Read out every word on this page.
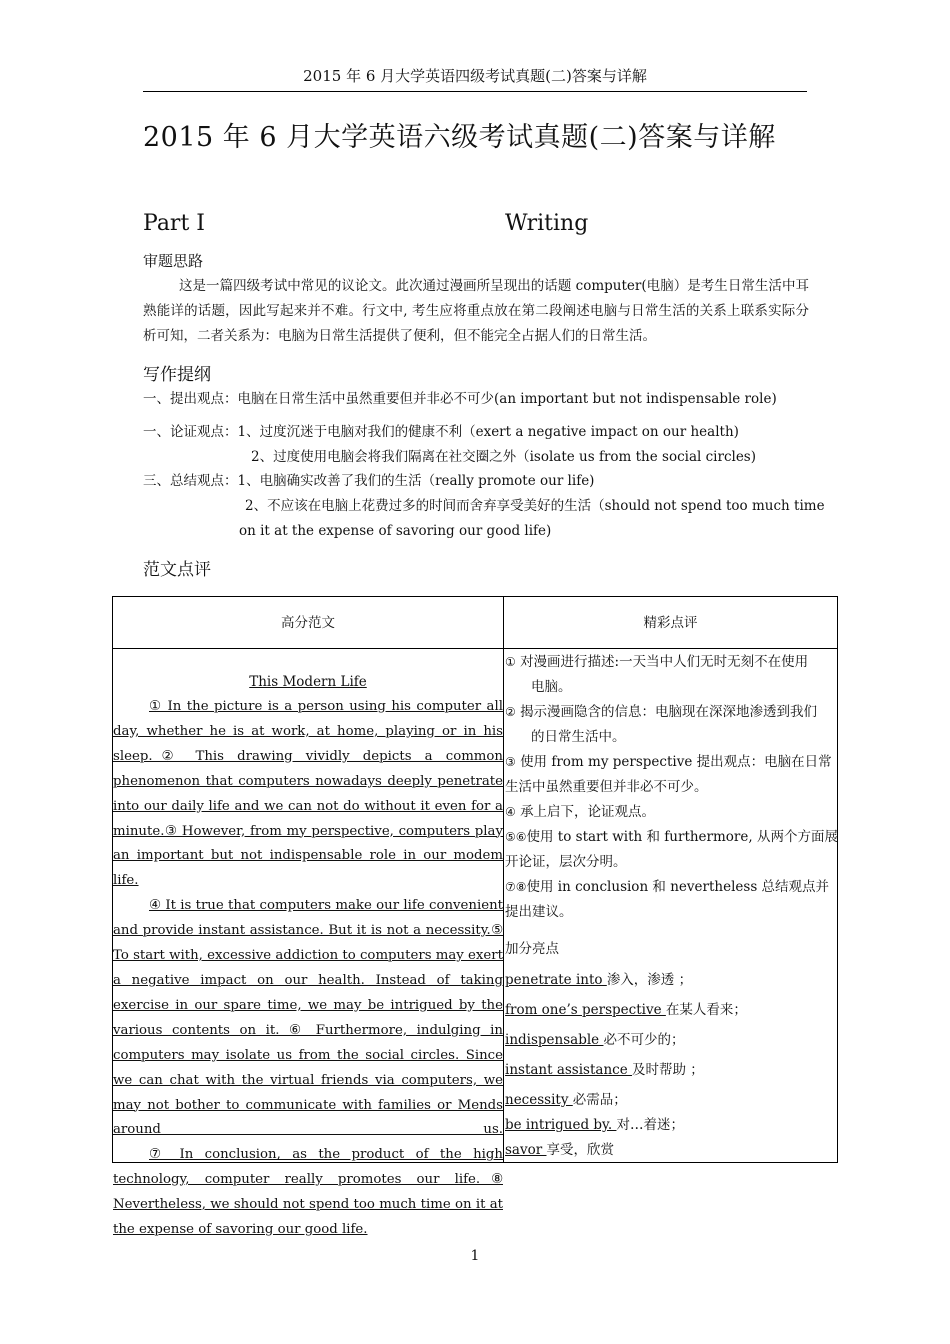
2015 年 6 月大学英语四级考试真题(二)答案与详解
2015 年 6 月大学英语六级考试真题(二)答案与详解
Part Ⅰ	Writing
审题思路

这是一篇四级考试中常见的议论文。此次通过漫画所呈现出的话题 computer(电脑）是考生日常生活中耳熟能详的话题，因此写起来并不难。行文中, 考生应将重点放在第二段阐述电脑与日常生活的关系上联系实际分析可知，二者关系为：电脑为日常生活提供了便利，但不能完全占据人们的日常生活。

写作提纲

一、提出观点：电脑在日常生活中虽然重要但并非必不可少(an important but not indispensable role)

一、论证观点：1、过度沉迷于电脑对我们的健康不利（exert a negative impact on our health)

2、过度使用电脑会将我们隔离在社交圈之外（isolate us from the social circles)

三、总结观点：1、电脑确实改善了我们的生活（really promote our life)

2、不应该在电脑上花费过多的时间而舍弃享受美好的生活（should not spend too much time

on it at the expense of savoring our good life)

范文点评
高分范文	精彩点评
This Modern Life

① In the picture is a person using his computer all day, whether he is at work, at home, playing or in his sleep.② This drawing vividly depicts a common phenomenon that computers nowadays deeply penetrate into our daily life and we can not do without it even for a minute.③ However, from my perspective, computers play an important but not indispensable role in our modem life.

④ It is true that computers make our life convenient and provide instant assistance. But it is not a necessity.⑤ To start with, excessive addiction to computers may exert a negative impact on our health. Instead of taking exercise in our spare time, we may be intrigued by the various contents on it. ⑥ Furthermore, indulging in computers may isolate us from the social circles. Since we can chat with the virtual friends via computers, we may not bother to communicate with families or Mends around us.

⑦ In conclusion, as the product of the high technology, computer really promotes our life.⑧ Nevertheless, we should not spend too much time on it at the expense of savoring our good life.

① 对漫画进行描述:一天当中人们无时无刻不在使用
电脑。

② 揭示漫画隐含的信息：电脑现在深深地渗透到我们
的日常生活中。

③ 使用 from my perspective 提出观点：电脑在日常生活中虽然重要但并非必不可少。

④ 承上启下，论证观点。

⑤⑥使用 to start with 和 furthermore, 从两个方面展开论证，层次分明。

⑦⑧使用 in conclusion 和 nevertheless 总结观点并提出建议。

加分亮点

penetrate into 渗入，渗透 ；

from one’s perspective 在某人看来；

indispensable 必不可少的；

instant assistance 及时帮助 ；

necessity 必需品；

be intrigued by. 对…着迷；

savor 享受，欣赏

1
